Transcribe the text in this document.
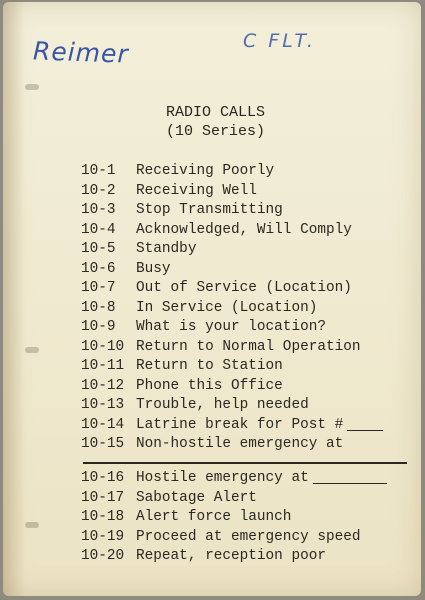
Reimer	C FLT.
RADIO CALLS
(10 Series)
10-1	Receiving Poorly
10-2	Receiving Well
10-3	Stop Transmitting
10-4	Acknowledged, Will Comply
10-5	Standby
10-6	Busy
10-7	Out of Service (Location)
10-8	In Service (Location)
10-9	What is your location?
10-10 Return to Normal Operation
10-11 Return to Station
10-12 Phone this Office
10-13 Trouble, help needed
10-14 Latrine break for Post #
10-15 Non-hostile emergency at
10-16 Hostile emergency at
10-17 Sabotage Alert
10-18 Alert force launch
10-19 Proceed at emergency speed
10-20 Repeat, reception poor
